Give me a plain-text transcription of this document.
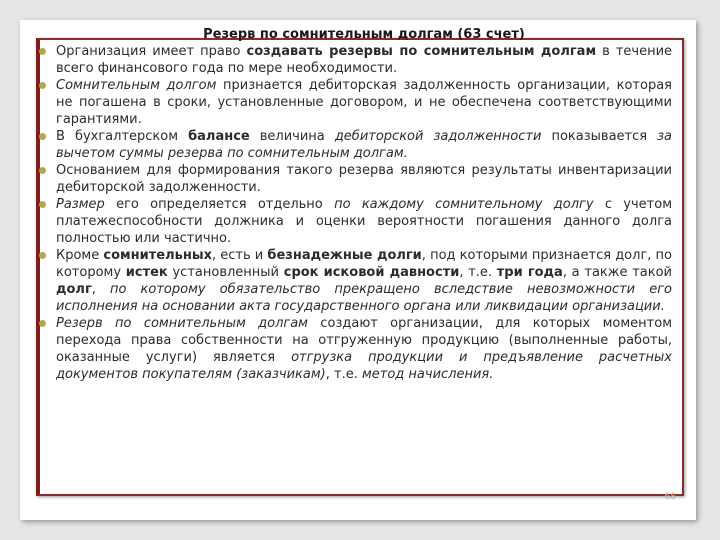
Резерв по сомнительным долгам (63 счет)
Организация имеет право создавать резервы по сомнительным долгам в течение всего финансового года по мере необходимости.
Сомнительным долгом признается дебиторская задолженность организации, которая не погашена в сроки, установленные договором, и не обеспечена соответствующими гарантиями.
В бухгалтерском балансе величина дебиторской задолженности показывается за вычетом суммы резерва по сомнительным долгам.
Основанием для формирования такого резерва являются результаты инвентаризации дебиторской задолженности.
Размер его определяется отдельно по каждому сомнительному долгу с учетом платежеспособности должника и оценки вероятности погашения данного долга полностью или частично.
Кроме сомнительных, есть и безнадежные долги, под которыми признается долг, по которому истек установленный срок исковой давности, т.е. три года, а также такой долг, по которому обязательство прекращено вследствие невозможности его исполнения на основании акта государственного органа или ликвидации организации.
Резерв по сомнительным долгам создают организации, для которых моментом перехода права собственности на отгруженную продукцию (выполненные работы, оказанные услуги) является отгрузка продукции и предъявление расчетных документов покупателям (заказчикам), т.е. метод начисления.
68
